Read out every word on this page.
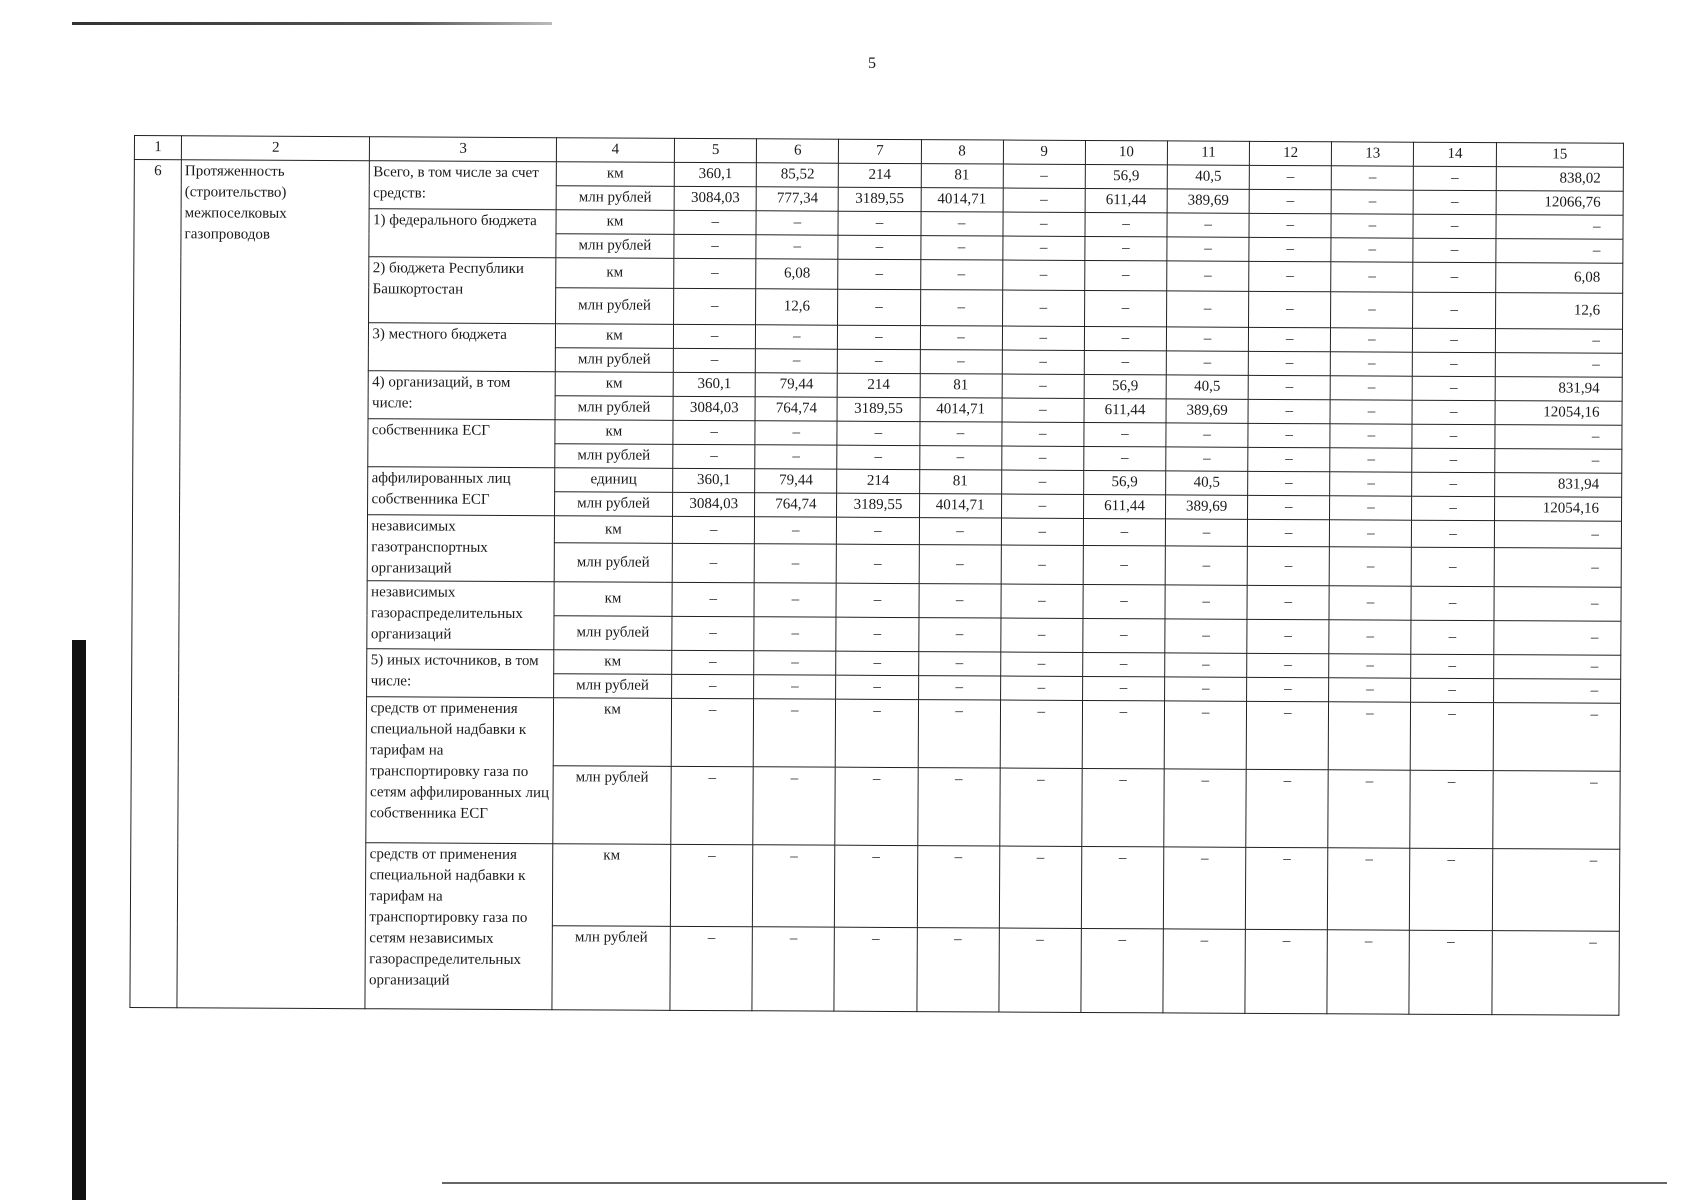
5
1	2	3	4	5	6	7	8	9	10	11	12	13	14	15
6	Протяженность (строительство) межпоселковых газопроводов	Всего, в том числе за счет средств:	км	360,1	85,52	214	81	–	56,9	40,5	–	–	–	838,02
			млн рублей	3084,03	777,34	3189,55	4014,71	–	611,44	389,69	–	–	–	12066,76
		1) федерального бюджета	км	–	–	–	–	–	–	–	–	–	–	–
			млн рублей	–	–	–	–	–	–	–	–	–	–	–
		2) бюджета Республики Башкортостан	км	–	6,08	–	–	–	–	–	–	–	–	6,08
			млн рублей	–	12,6	–	–	–	–	–	–	–	–	12,6
		3) местного бюджета	км	–	–	–	–	–	–	–	–	–	–	–
			млн рублей	–	–	–	–	–	–	–	–	–	–	–
		4) организаций, в том числе:	км	360,1	79,44	214	81	–	56,9	40,5	–	–	–	831,94
			млн рублей	3084,03	764,74	3189,55	4014,71	–	611,44	389,69	–	–	–	12054,16
		собственника ЕСГ	км	–	–	–	–	–	–	–	–	–	–	–
			млн рублей	–	–	–	–	–	–	–	–	–	–	–
		аффилированных лиц собственника ЕСГ	единиц	360,1	79,44	214	81	–	56,9	40,5	–	–	–	831,94
			млн рублей	3084,03	764,74	3189,55	4014,71	–	611,44	389,69	–	–	–	12054,16
		независимых газотранспортных организаций	км	–	–	–	–	–	–	–	–	–	–	–
			млн рублей	–	–	–	–	–	–	–	–	–	–	–
		независимых газораспределительных организаций	км	–	–	–	–	–	–	–	–	–	–	–
			млн рублей	–	–	–	–	–	–	–	–	–	–	–
		5) иных источников, в том числе:	км	–	–	–	–	–	–	–	–	–	–	–
			млн рублей	–	–	–	–	–	–	–	–	–	–	–
		средств от применения специальной надбавки к тарифам на транспортировку газа по сетям аффилированных лиц собственника ЕСГ	км	–	–	–	–	–	–	–	–	–	–	–
			млн рублей	–	–	–	–	–	–	–	–	–	–	–
		средств от применения специальной надбавки к тарифам на транспортировку газа по сетям независимых газораспределительных организаций	км	–	–	–	–	–	–	–	–	–	–	–
			млн рублей	–	–	–	–	–	–	–	–	–	–	–
